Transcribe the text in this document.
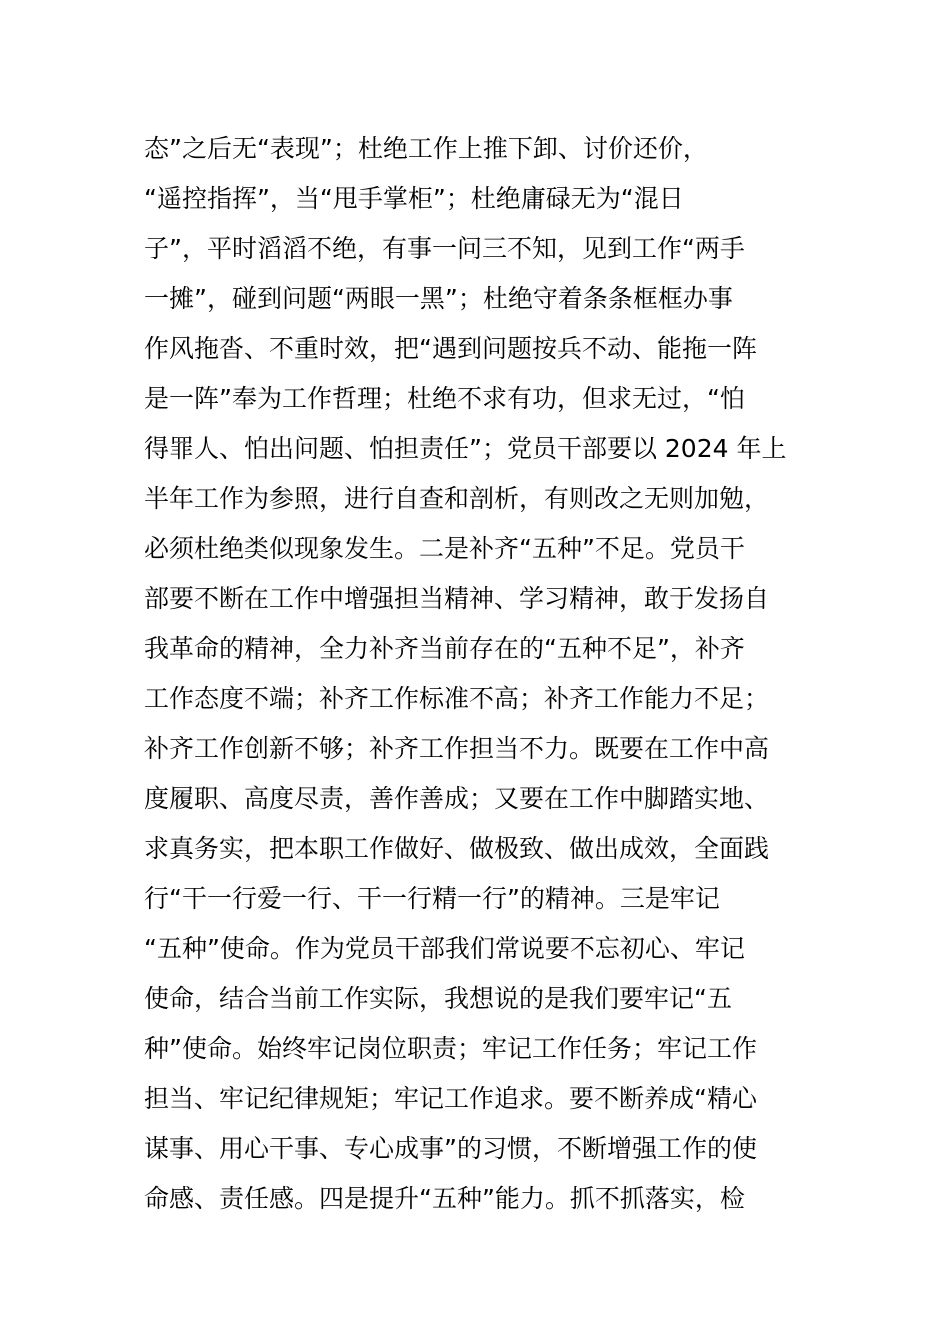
态”之后无“表现”；杜绝工作上推下卸、讨价还价，
“遥控指挥”，当“甩手掌柜”；杜绝庸碌无为“混日
子”，平时滔滔不绝，有事一问三不知，见到工作“两手
一摊”，碰到问题“两眼一黑”；杜绝守着条条框框办事
作风拖沓、不重时效，把“遇到问题按兵不动、能拖一阵
是一阵”奉为工作哲理；杜绝不求有功，但求无过，“怕
得罪人、怕出问题、怕担责任”；党员干部要以 2024 年上
半年工作为参照，进行自查和剖析，有则改之无则加勉，
必须杜绝类似现象发生。二是补齐“五种”不足。党员干
部要不断在工作中增强担当精神、学习精神，敢于发扬自
我革命的精神，全力补齐当前存在的“五种不足”，补齐
工作态度不端；补齐工作标准不高；补齐工作能力不足；
补齐工作创新不够；补齐工作担当不力。既要在工作中高
度履职、高度尽责，善作善成；又要在工作中脚踏实地、
求真务实，把本职工作做好、做极致、做出成效，全面践
行“干一行爱一行、干一行精一行”的精神。三是牢记
“五种”使命。作为党员干部我们常说要不忘初心、牢记
使命，结合当前工作实际，我想说的是我们要牢记“五
种”使命。始终牢记岗位职责；牢记工作任务；牢记工作
担当、牢记纪律规矩；牢记工作追求。要不断养成“精心
谋事、用心干事、专心成事”的习惯，不断增强工作的使
命感、责任感。四是提升“五种”能力。抓不抓落实，检
